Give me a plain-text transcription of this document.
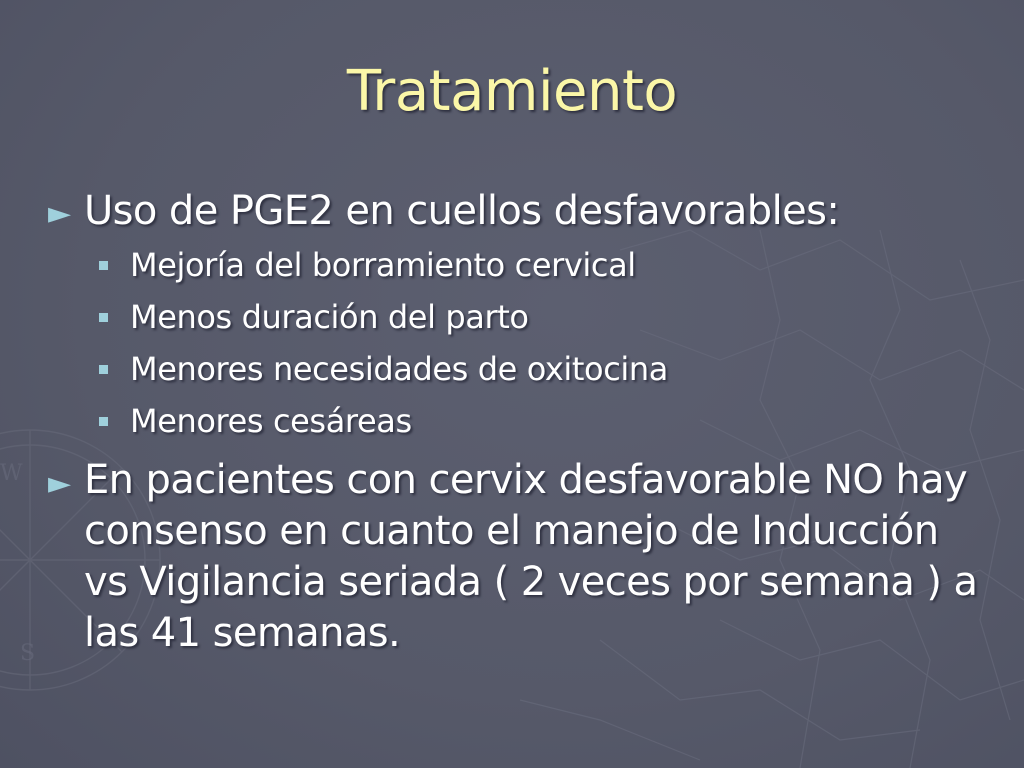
S
W
Tratamiento
► Uso de PGE2 en cuellos desfavorables:
Mejoría del borramiento cervical
Menos duración del parto
Menores necesidades de oxitocina
Menores cesáreas
► En pacientes con cervix desfavorable NO hay consenso en cuanto el manejo de Inducción vs Vigilancia seriada ( 2 veces por semana ) a las 41 semanas.
